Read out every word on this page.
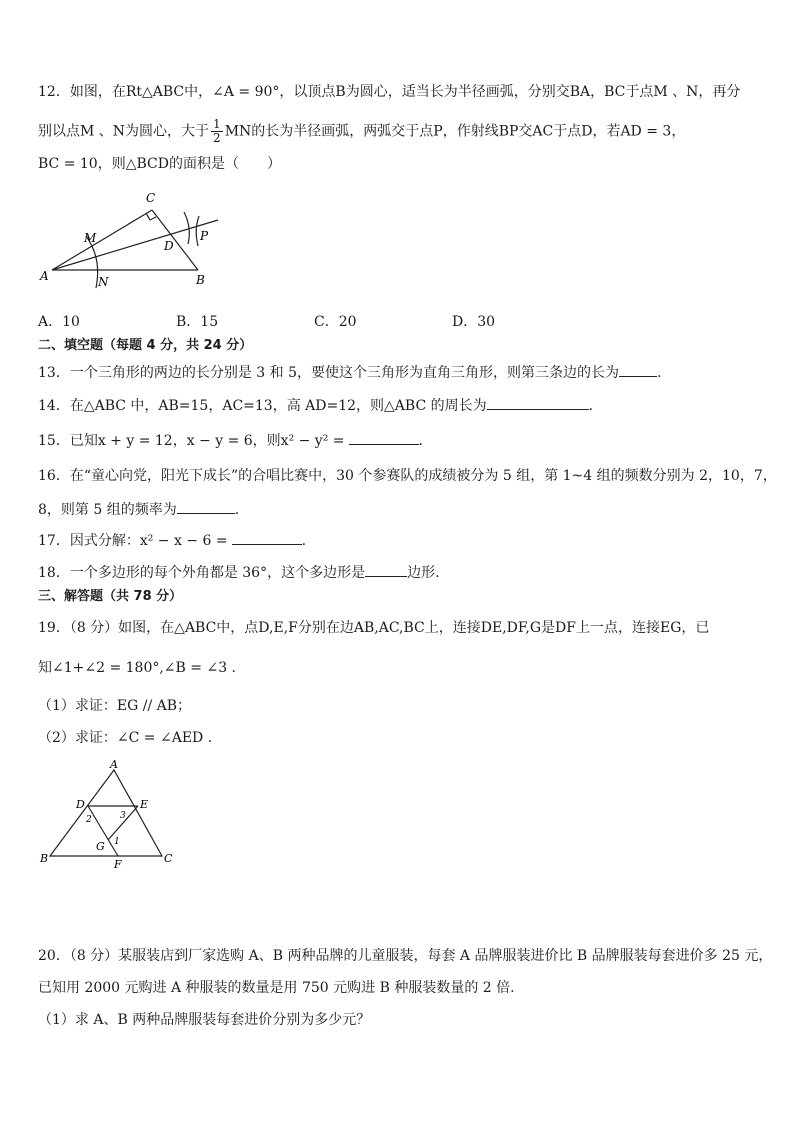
12．如图，在Rt△ABC中，∠A = 90°，以顶点B为圆心，适当长为半径画弧，分别交BA，BC于点M 、N，再分
别以点M 、N为圆心，大于 $\frac{1}{2}$ MN的长为半径画弧，两弧交于点P，作射线BP交AC于点D，若AD = 3，
BC = 10，则△BCD的面积是（　　）
C
M
D
P
A	N	B
A．10	B．15	C．20	D．30
二、填空题（每题 4 分，共 24 分）
13．一个三角形的两边的长分别是 3 和 5，要使这个三角形为直角三角形，则第三条边的长为	.
14．在△ABC 中，AB=15，AC=13，高 AD=12，则△ABC 的周长为	.
15．已知x + y = 12，x − y = 6，则x² − y² =	.
16．在“童心向党，阳光下成长”的合唱比赛中，30 个参赛队的成绩被分为 5 组，第 1~4 组的频数分别为 2，10，7，
8，则第 5 组的频率为	.
17．因式分解：x² − x − 6 =	.
18．一个多边形的每个外角都是 36°，这个多边形是	边形.
三、解答题（共 78 分）
19．（8 分）如图，在△ABC中，点D,E,F分别在边AB,AC,BC上，连接DE,DF,G是DF上一点，连接EG，已
知∠1+∠2 = 180°,∠B = ∠3 .
（1）求证：EG // AB；
（2）求证：∠C = ∠AED .
A
D	E
2	3
1
G
B	F	C
20．（8 分）某服装店到厂家选购 A、B 两种品牌的儿童服装，每套 A 品牌服装进价比 B 品牌服装每套进价多 25 元，
已知用 2000 元购进 A 种服装的数量是用 750 元购进 B 种服装数量的 2 倍.
（1）求 A、B 两种品牌服装每套进价分别为多少元？
